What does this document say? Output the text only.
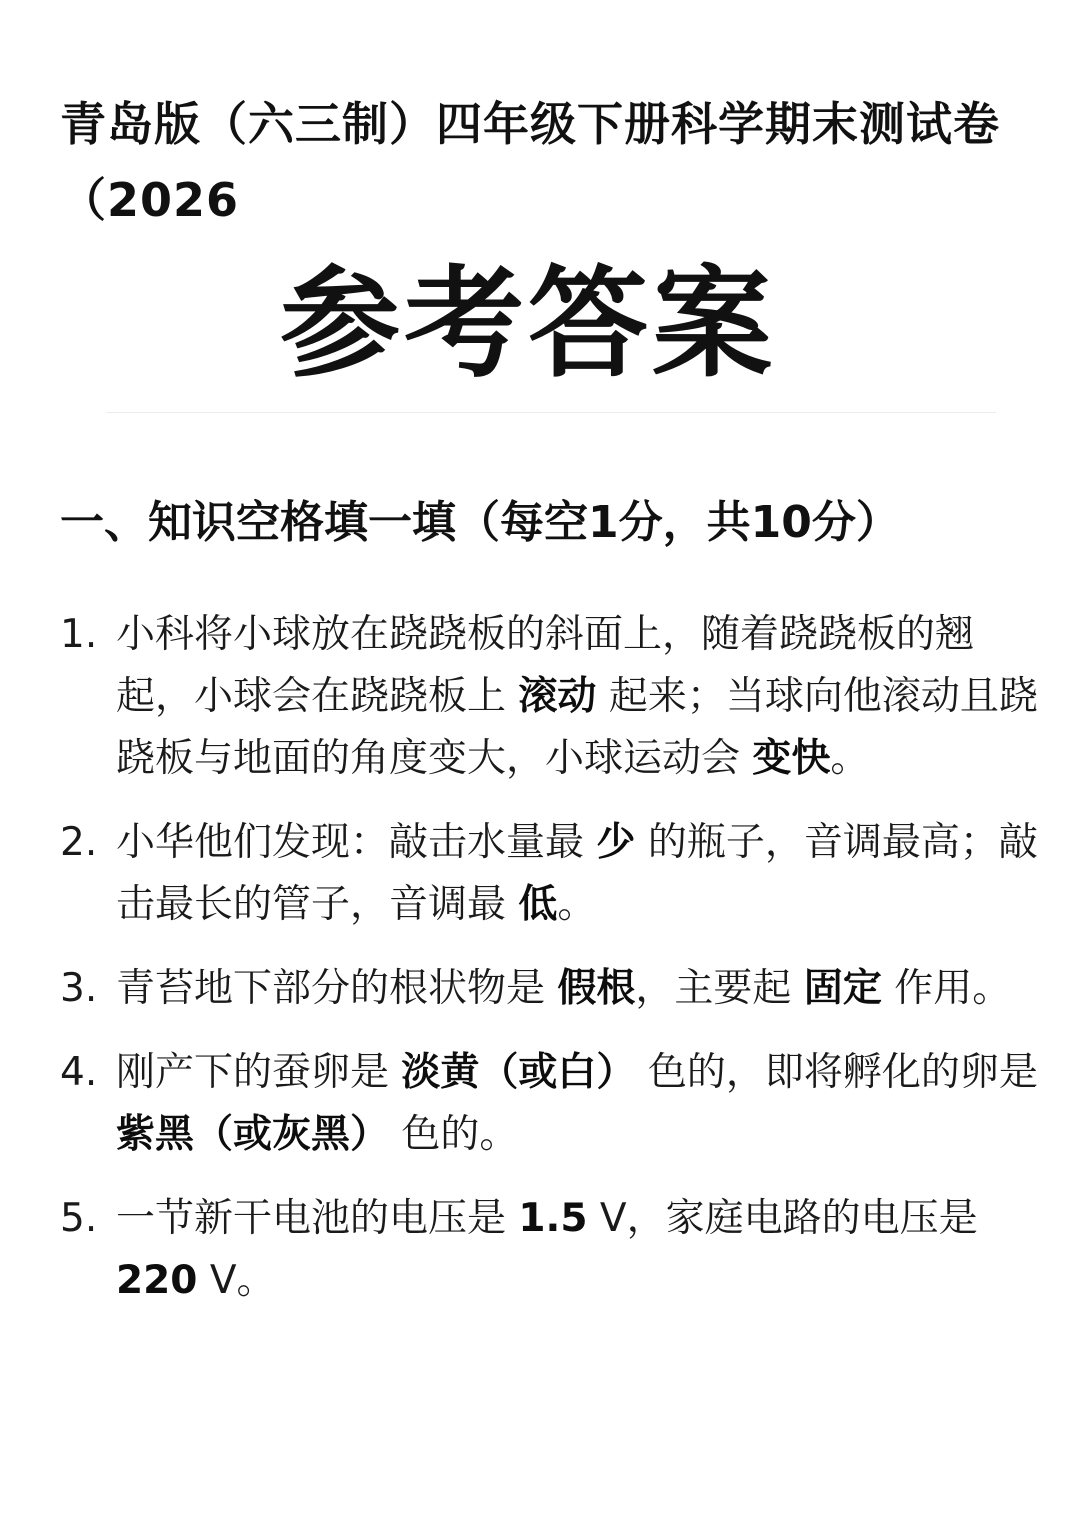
青岛版（六三制）四年级下册科学期末测试卷（2026
参考答案
一、知识空格填一填（每空1分，共10分）
1. 小科将小球放在跷跷板的斜面上，随着跷跷板的翘起，小球会在跷跷板上 滚动 起来；当球向他滚动且跷跷板与地面的角度变大，小球运动会 变快。
2. 小华他们发现：敲击水量最 少 的瓶子，音调最高；敲击最长的管子，音调最 低。
3. 青苔地下部分的根状物是 假根，主要起 固定 作用。
4. 刚产下的蚕卵是 淡黄（或白） 色的，即将孵化的卵是 紫黑（或灰黑） 色的。
5. 一节新干电池的电压是 1.5 V，家庭电路的电压是 220 V。
